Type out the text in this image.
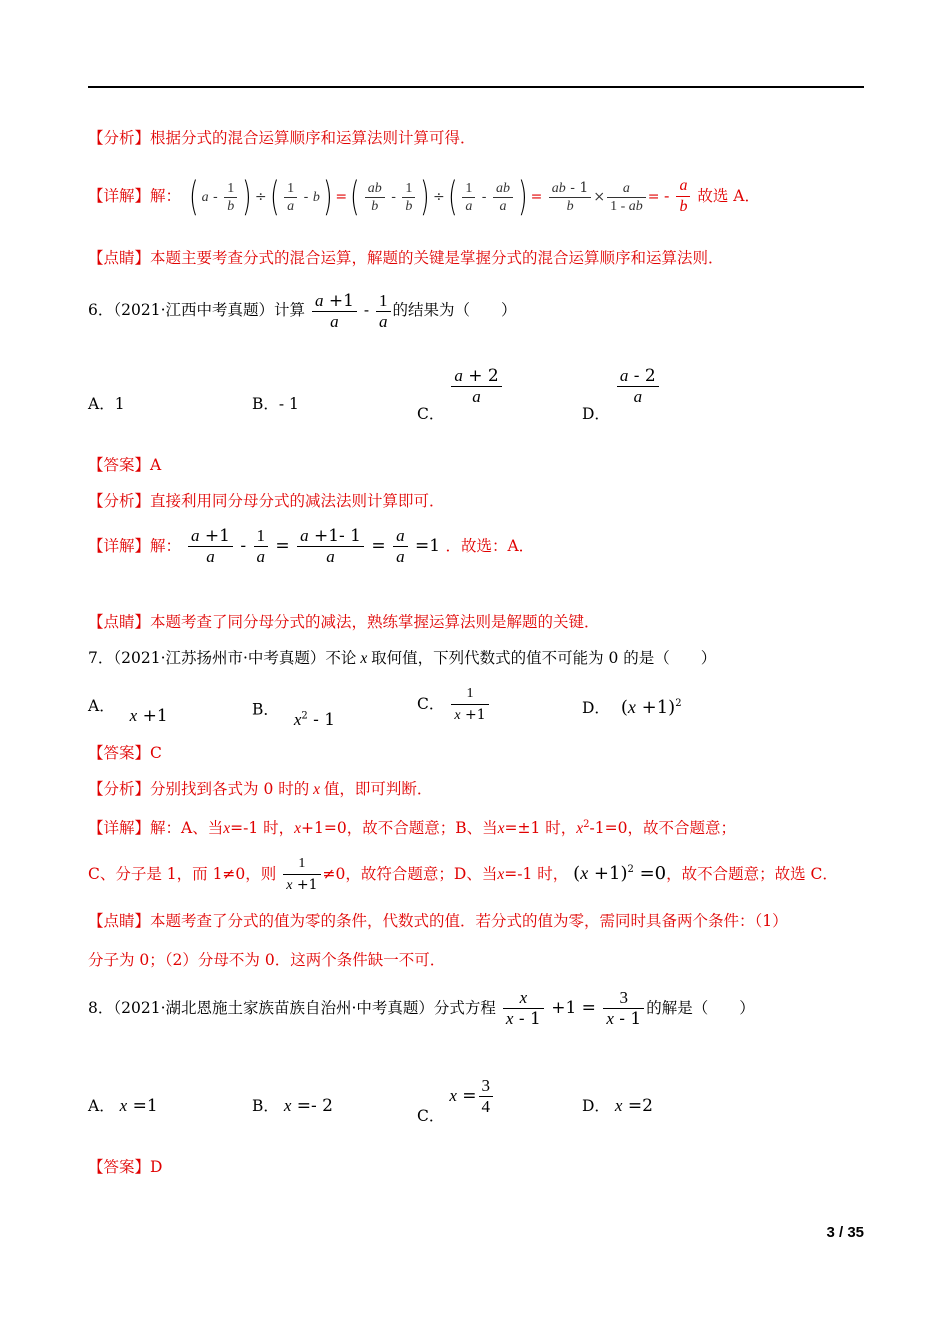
【分析】根据分式的混合运算顺序和运算法则计算可得．
【详解】解： ( a - $\frac{1}{b}$ ) ÷( $\frac{1}{a} - b$) =( $\frac{ab}{b} - \frac{1}{b}$ ) ÷( $\frac{1}{a} - \frac{ab}{a}$ ) = $\frac{ab - 1}{b} \times \frac{a}{1 - ab}$ = - $\frac{a}{b}$ 故选 A．
【点睛】本题主要考查分式的混合运算，解题的关键是掌握分式的混合运算顺序和运算法则．
6．（2021·江西中考真题）计算 $\frac{a +1}{a} - \frac{1}{a}$ 的结果为（　　）
A．1	B．- 1
C．
$\frac{a + 2}{a}$
D．
$\frac{a - 2}{a}$
【答案】A
【分析】直接利用同分母分式的减法法则计算即可．
【详解】解： $\frac{a +1}{a} - \frac{1}{a} = \frac{a +1- 1}{a} = \frac{a}{a} =1$ ．故选：A．
【点睛】本题考查了同分母分式的减法，熟练掌握运算法则是解题的关键．
7．（2021·江苏扬州市·中考真题）不论 x 取何值，下列代数式的值不可能为 0 的是（　　）
A． x +1	B． $x^2 - 1$
C． $\frac{1}{x +1}$	D． $(x +1)^2$
【答案】C
【分析】分别找到各式为 0 时的 x 值，即可判断．
【详解】解：A、当x=-1 时，x+1=0，故不合题意；B、当x=±1 时，$x^2-1=0$，故不合题意；
C、分子是 1，而 1≠0，则 $\frac{1}{x +1} \ne 0$，故符合题意；D、当x=-1 时， $(x +1)^2 =0$，故不合题意；故选 C．
【点睛】本题考查了分式的值为零的条件，代数式的值．若分式的值为零，需同时具备两个条件：（1）
分子为 0；（2）分母不为 0．这两个条件缺一不可．
8．（2021·湖北恩施土家族苗族自治州·中考真题）分式方程 $\frac{x}{x - 1} +1 = \frac{3}{x - 1}$ 的解是（　　）
A． x =1	B． x =- 2	C． $x = \frac{3}{4}$	D． x =2
【答案】D
3 / 35
